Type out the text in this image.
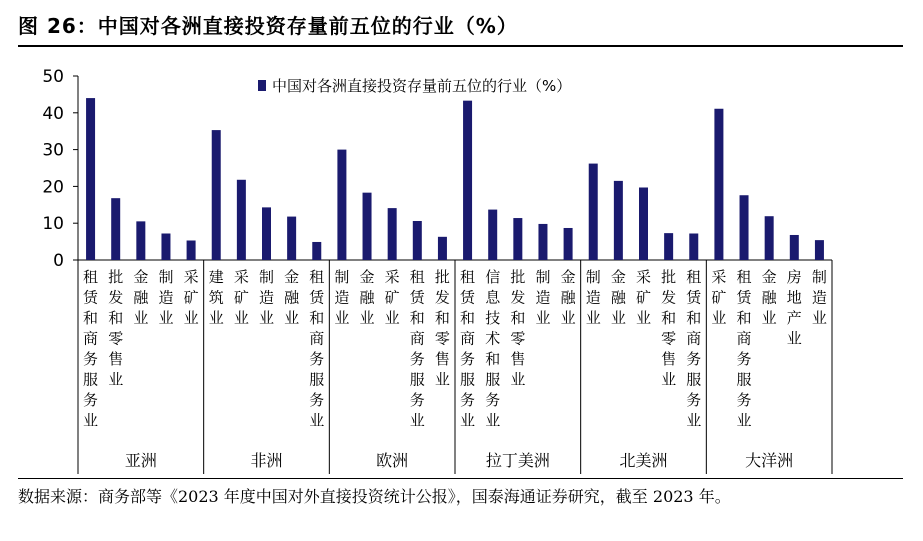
图 26：中国对各洲直接投资存量前五位的行业（%）
0
10
20
30
40
50	中国对各洲直接投资存量前五位的行业（%）
租赁和商务服务业
批发和零售业
金融业
制造业
采矿业
亚洲
建筑业
采矿业
制造业
金融业
租赁和商务服务业
非洲
制造业
金融业
采矿业
租赁和商务服务业
批发和零售业
欧洲
租赁和商务服务业
信息技术和服务业
批发和零售业
制造业
金融业
拉丁美洲
制造业
金融业
采矿业
批发和零售业
租赁和商务服务业
北美洲
采矿业
租赁和商务服务业
金融业
房地产业
制造业
大洋洲
数据来源：商务部等《2023 年度中国对外直接投资统计公报》，国泰海通证券研究，截至 2023 年。
